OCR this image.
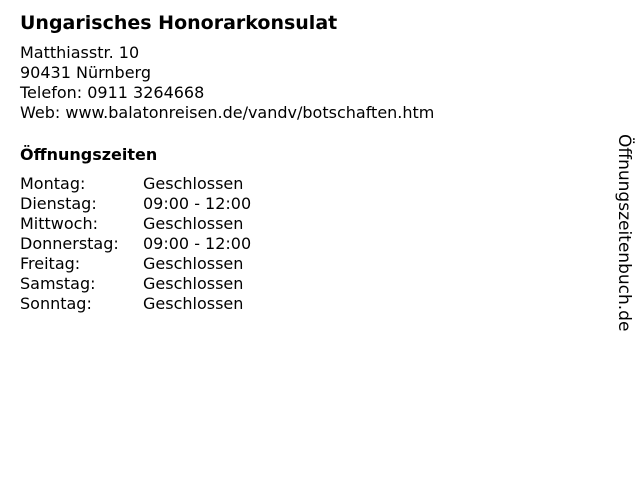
Ungarisches Honorarkonsulat
Matthiasstr. 10
90431 Nürnberg
Telefon: 0911 3264668
Web: www.balatonreisen.de/vandv/botschaften.htm
Öffnungszeiten
Montag:	Geschlossen
Dienstag:	09:00 - 12:00
Mittwoch:	Geschlossen
Donnerstag:	09:00 - 12:00
Freitag:	Geschlossen
Samstag:	Geschlossen
Sonntag:	Geschlossen	Öffnungszeitenbuch.de
